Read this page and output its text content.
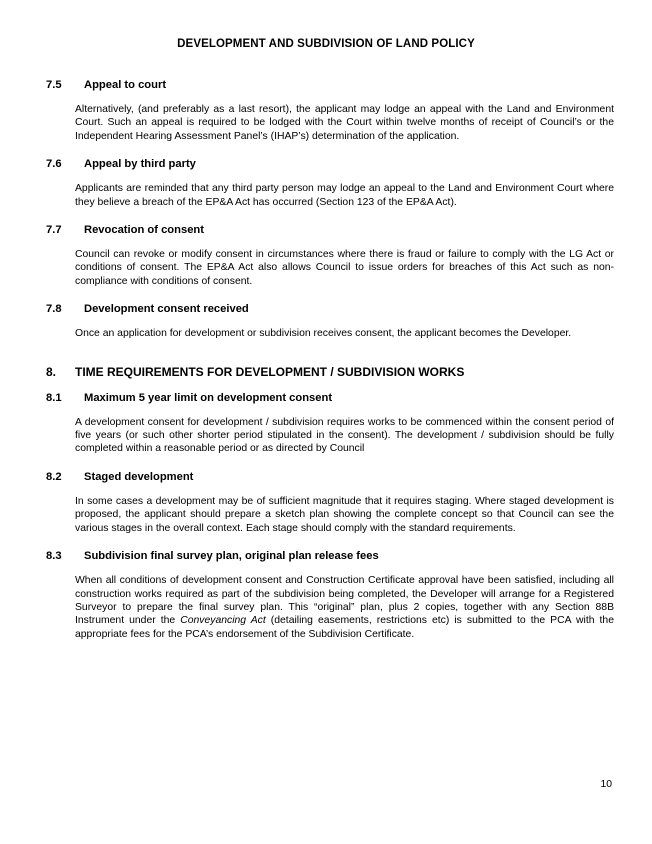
DEVELOPMENT AND SUBDIVISION OF LAND POLICY
7.5	Appeal to court

Alternatively, (and preferably as a last resort), the applicant may lodge an appeal with the Land and Environment Court. Such an appeal is required to be lodged with the Court within twelve months of receipt of Council’s or the Independent Hearing Assessment Panel’s (IHAP’s) determination of the application.

7.6	Appeal by third party

Applicants are reminded that any third party person may lodge an appeal to the Land and Environment Court where they believe a breach of the EP&A Act has occurred (Section 123 of the EP&A Act).

7.7	Revocation of consent

Council can revoke or modify consent in circumstances where there is fraud or failure to comply with the LG Act or conditions of consent. The EP&A Act also allows Council to issue orders for breaches of this Act such as non-compliance with conditions of consent.

7.8	Development consent received

Once an application for development or subdivision receives consent, the applicant becomes the Developer.

8.	TIME REQUIREMENTS FOR DEVELOPMENT / SUBDIVISION WORKS
8.1	Maximum 5 year limit on development consent

A development consent for development / subdivision requires works to be commenced within the consent period of five years (or such other shorter period stipulated in the consent). The development / subdivision should be fully completed within a reasonable period or as directed by Council

8.2	Staged development

In some cases a development may be of sufficient magnitude that it requires staging. Where staged development is proposed, the applicant should prepare a sketch plan showing the complete concept so that Council can see the various stages in the overall context. Each stage should comply with the standard requirements.

8.3	Subdivision final survey plan, original plan release fees

When all conditions of development consent and Construction Certificate approval have been satisfied, including all construction works required as part of the subdivision being completed, the Developer will arrange for a Registered Surveyor to prepare the final survey plan. This “original” plan, plus 2 copies, together with any Section 88B Instrument under the Conveyancing Act (detailing easements, restrictions etc) is submitted to the PCA with the appropriate fees for the PCA’s endorsement of the Subdivision Certificate.

10
